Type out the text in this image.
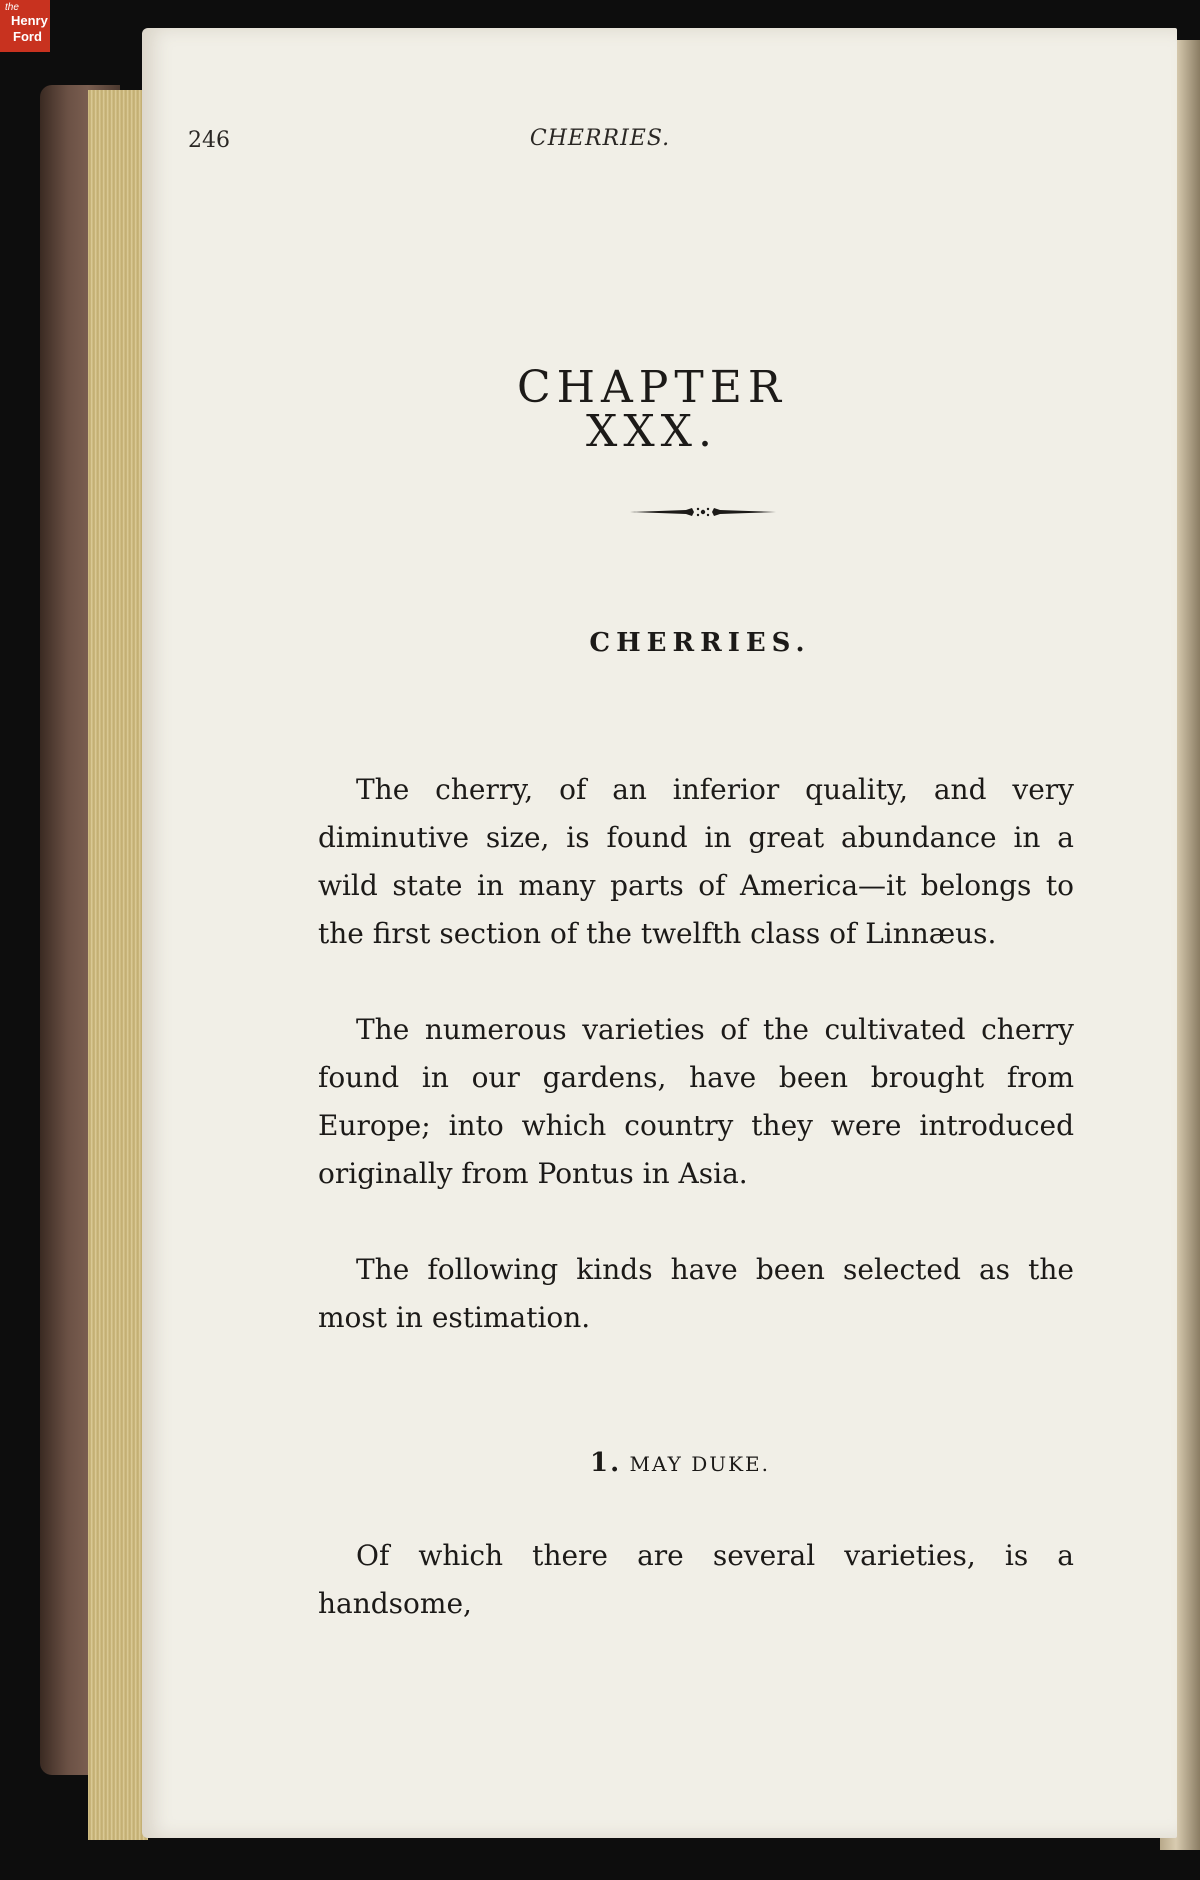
the
Henry
Ford
246	CHERRIES.
CHAPTER XXX.
CHERRIES.

The cherry, of an inferior quality, and very diminutive size, is found in great abundance in a wild state in many parts of America—it belongs to the first section of the twelfth class of Linnæus.

The numerous varieties of the cultivated cherry found in our gardens, have been brought from Europe; into which country they were introduced originally from Pontus in Asia.

The following kinds have been selected as the most in estimation.

1. MAY DUKE.

Of which there are several varieties, is a handsome,
